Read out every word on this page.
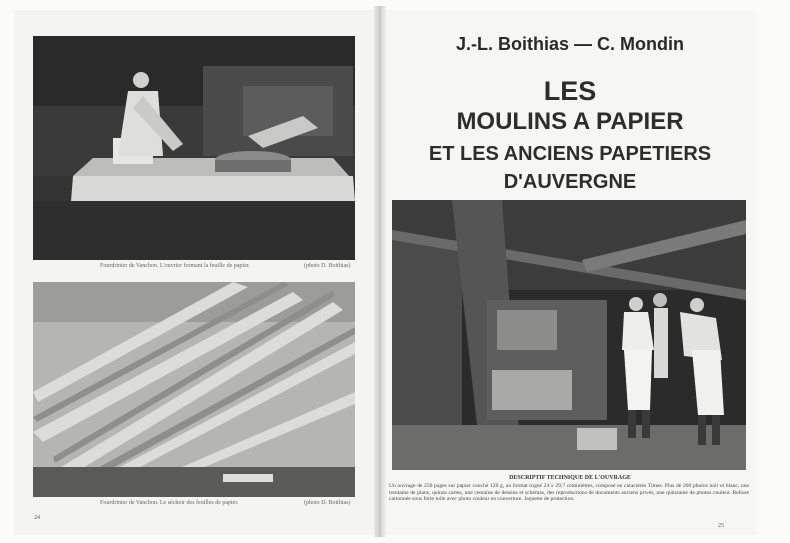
Fourdrinier de Vanchon. L'ouvrier formant la feuille de papier.	(photo D. Boithias)
Fourdrinier de Vanchon. Le séchoir des feuilles de papier.	(photo D. Boithias)
24
J.-L. Boithias — C. Mondin
LES
MOULINS A PAPIER
ET LES ANCIENS PAPETIERS
D'AUVERGNE
DESCRIPTIF TECHNIQUE DE L'OUVRAGE
Un ouvrage de 250 pages sur papier couché 120 g, au format rogné 24 x 29,7 centimètres, composé en caractères Times. Plus de 200 photos noir et blanc, une trentaine de plans, quinze cartes, une centaine de dessins et schémas, des reproductions de documents anciens privés, une quinzaine de photos couleur. Reliure cartonnée sous forte toile avec photo couleur en couverture. Jaquette de protection.
25
